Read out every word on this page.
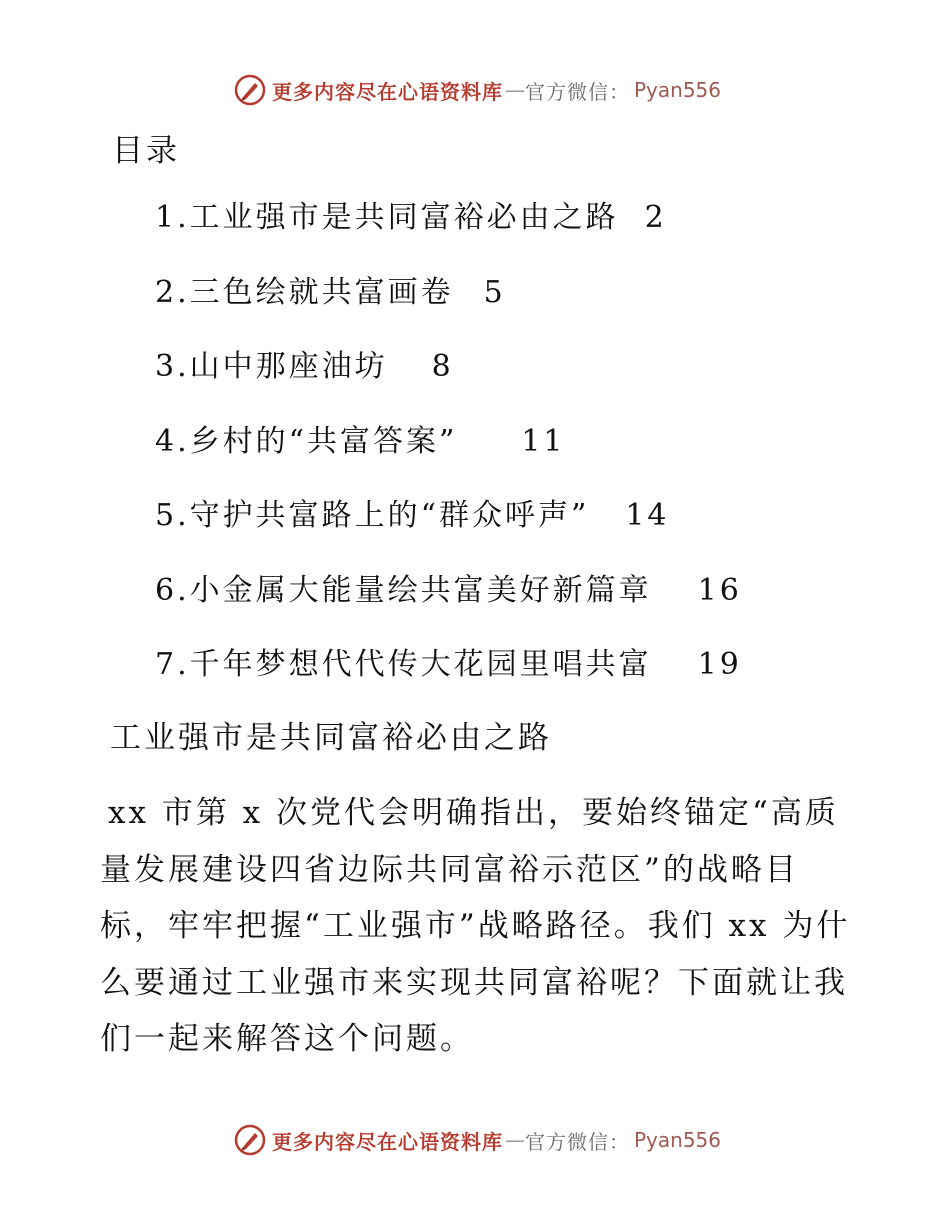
更多内容尽在心语资料库 — 官方微信： Pyan556
目录
1.工业强市是共同富裕必由之路 2
2.三色绘就共富画卷 5
3.山中那座油坊 8
4.乡村的“共富答案” 11
5.守护共富路上的“群众呼声” 14
6.小金属大能量绘共富美好新篇章 16
7.千年梦想代代传大花园里唱共富 19
工业强市是共同富裕必由之路

xx 市第 x 次党代会明确指出，要始终锚定“高质量发展建设四省边际共同富裕示范区”的战略目标，牢牢把握“工业强市”战略路径。我们 xx 为什么要通过工业强市来实现共同富裕呢？下面就让我们一起来解答这个问题。

更多内容尽在心语资料库 — 官方微信： Pyan556
